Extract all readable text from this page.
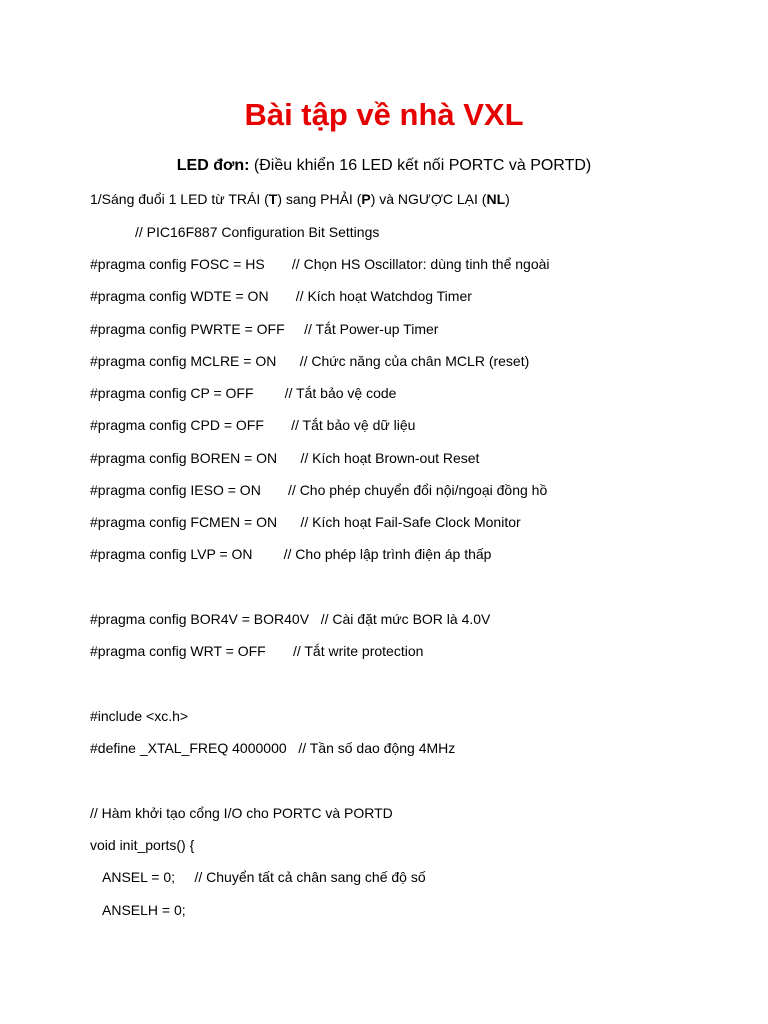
Bài tập về nhà VXL
LED đơn: (Điều khiển 16 LED kết nối PORTC và PORTD)
1/Sáng đuổi 1 LED từ TRÁI (T) sang PHẢI (P) và NGƯỢC LẠI (NL)
// PIC16F887 Configuration Bit Settings
#pragma config FOSC = HS       // Chọn HS Oscillator: dùng tinh thể ngoài
#pragma config WDTE = ON       // Kích hoạt Watchdog Timer
#pragma config PWRTE = OFF     // Tắt Power-up Timer
#pragma config MCLRE = ON      // Chức năng của chân MCLR (reset)
#pragma config CP = OFF        // Tắt bảo vệ code
#pragma config CPD = OFF       // Tắt bảo vệ dữ liệu
#pragma config BOREN = ON      // Kích hoạt Brown-out Reset
#pragma config IESO = ON       // Cho phép chuyển đổi nội/ngoại đồng hồ
#pragma config FCMEN = ON      // Kích hoạt Fail-Safe Clock Monitor
#pragma config LVP = ON        // Cho phép lập trình điện áp thấp
#pragma config BOR4V = BOR40V   // Cài đặt mức BOR là 4.0V
#pragma config WRT = OFF       // Tắt write protection
#include <xc.h>
#define _XTAL_FREQ 4000000   // Tần số dao động 4MHz
// Hàm khởi tạo cổng I/O cho PORTC và PORTD
void init_ports() {
ANSEL = 0;     // Chuyển tất cả chân sang chế độ số
ANSELH = 0;
